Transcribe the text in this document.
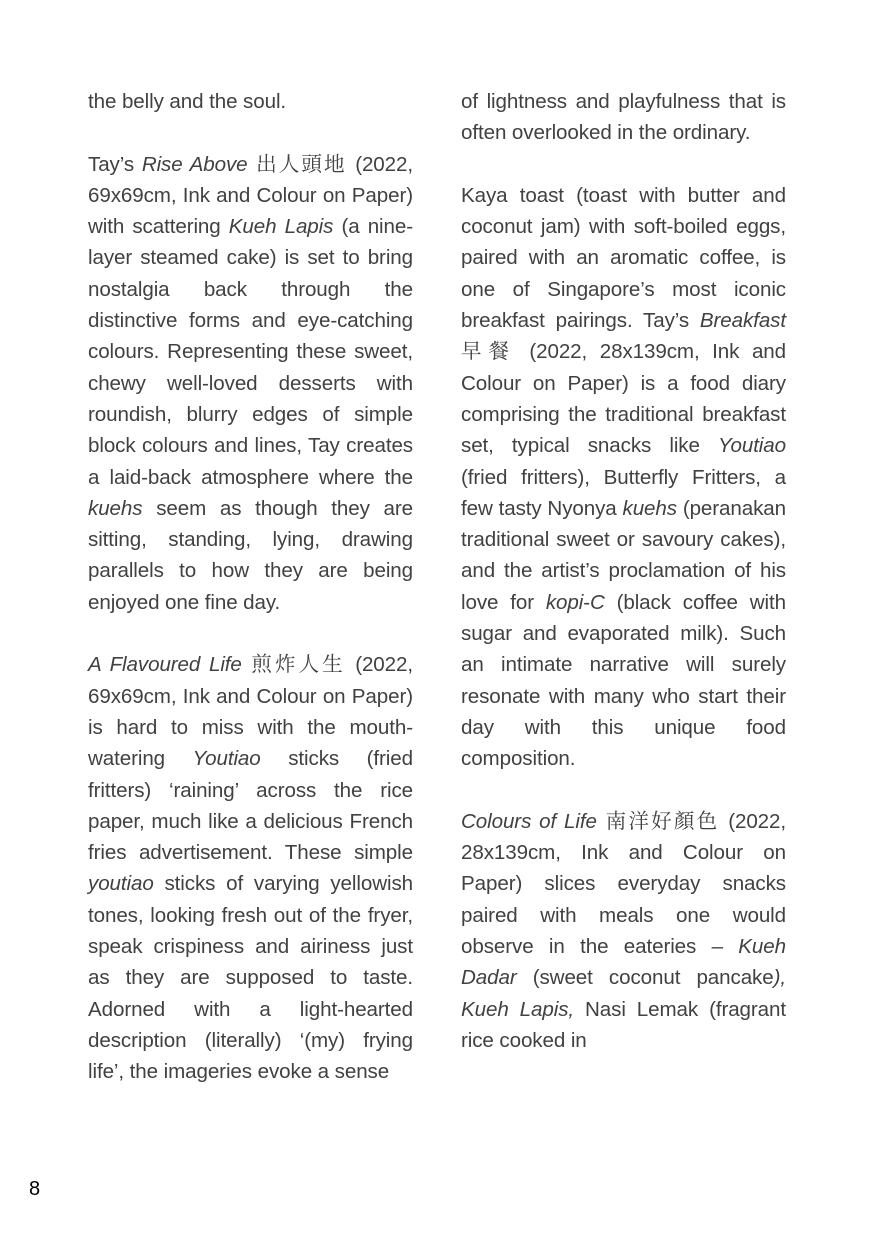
the belly and the soul.

Tay’s Rise Above 出人頭地 (2022, 69x69cm, Ink and Colour on Paper) with scattering Kueh Lapis (a nine-layer steamed cake) is set to bring nostalgia back through the distinctive forms and eye-catching colours. Representing these sweet, chewy well-loved desserts with roundish, blurry edges of simple block colours and lines, Tay creates a laid-back atmosphere where the kuehs seem as though they are sitting, standing, lying, drawing parallels to how they are being enjoyed one fine day.

A Flavoured Life 煎炸人生 (2022, 69x69cm, Ink and Colour on Paper) is hard to miss with the mouth-watering Youtiao sticks (fried fritters) ‘raining’ across the rice paper, much like a delicious French fries advertisement. These simple youtiao sticks of varying yellowish tones, looking fresh out of the fryer, speak crispiness and airiness just as they are supposed to taste. Adorned with a light-hearted description (literally) ‘(my) frying life’, the imageries evoke a sense

of lightness and playfulness that is often overlooked in the ordinary.

Kaya toast (toast with butter and coconut jam) with soft-boiled eggs, paired with an aromatic coffee, is one of Singapore’s most iconic breakfast pairings. Tay’s Breakfast 早餐 (2022, 28x139cm, Ink and Colour on Paper) is a food diary comprising the traditional breakfast set, typical snacks like Youtiao (fried fritters), Butterfly Fritters, a few tasty Nyonya kuehs (peranakan traditional sweet or savoury cakes), and the artist’s proclamation of his love for kopi-C (black coffee with sugar and evaporated milk). Such an intimate narrative will surely resonate with many who start their day with this unique food composition.

Colours of Life 南洋好顏色 (2022, 28x139cm, Ink and Colour on Paper) slices everyday snacks paired with meals one would observe in the eateries – Kueh Dadar (sweet coconut pancake), Kueh Lapis, Nasi Lemak (fragrant rice cooked in

8
